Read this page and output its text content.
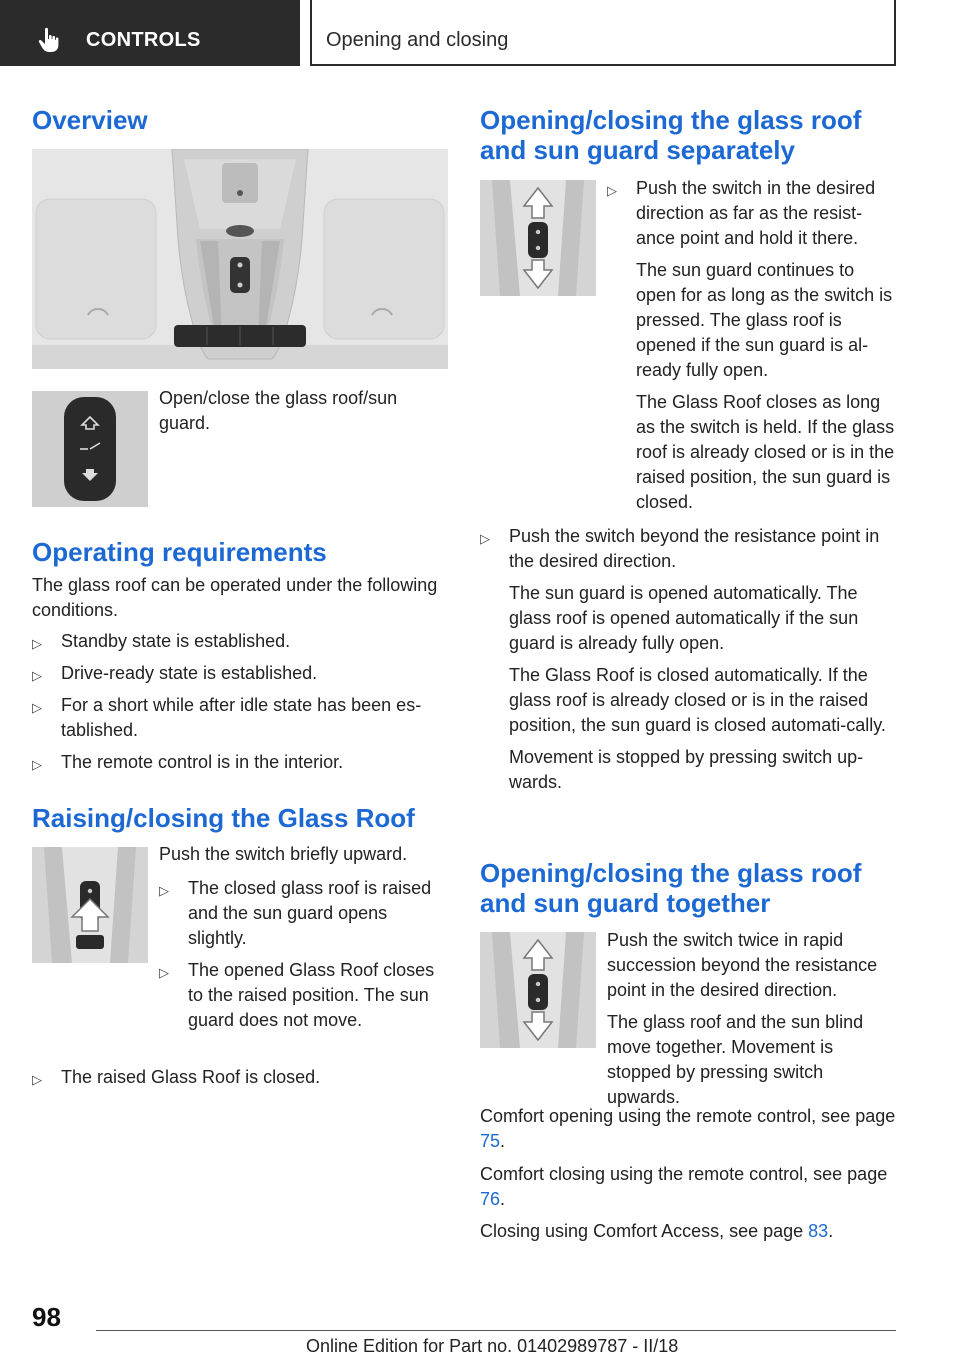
CONTROLS	Opening and closing
Overview

Open/close the glass roof/sun guard.

Operating requirements

The glass roof can be operated under the following conditions.

▷ Standby state is established.
▷ Drive-ready state is established.
▷ For a short while after idle state has been es-tablished.
▷ The remote control is in the interior.
Raising/closing the Glass Roof

Push the switch briefly upward.

▷ The closed glass roof is raised and the sun guard opens slightly.
▷ The opened Glass Roof closes to the raised position. The sun guard does not move.
▷ The raised Glass Roof is closed.
Opening/closing the glass roof and sun guard separately
▷ Push the switch in the desired direction as far as the resist-ance point and hold it there.

The sun guard continues to open for as long as the switch is pressed. The glass roof is opened if the sun guard is al-ready fully open.

The Glass Roof closes as long as the switch is held. If the glass roof is already closed or is in the raised position, the sun guard is closed.

▷ Push the switch beyond the resistance point in the desired direction.

The sun guard is opened automatically. The glass roof is opened automatically if the sun guard is already fully open.

The Glass Roof is closed automatically. If the glass roof is already closed or is in the raised position, the sun guard is closed automati-cally.

Movement is stopped by pressing switch up-wards.

Opening/closing the glass roof and sun guard together

Push the switch twice in rapid succession beyond the resistance point in the desired direction.

The glass roof and the sun blind move together. Movement is stopped by pressing switch upwards.

Comfort opening using the remote control, see page 75.

Comfort closing using the remote control, see page 76.

Closing using Comfort Access, see page 83.

98
Online Edition for Part no. 01402989787 - II/18
